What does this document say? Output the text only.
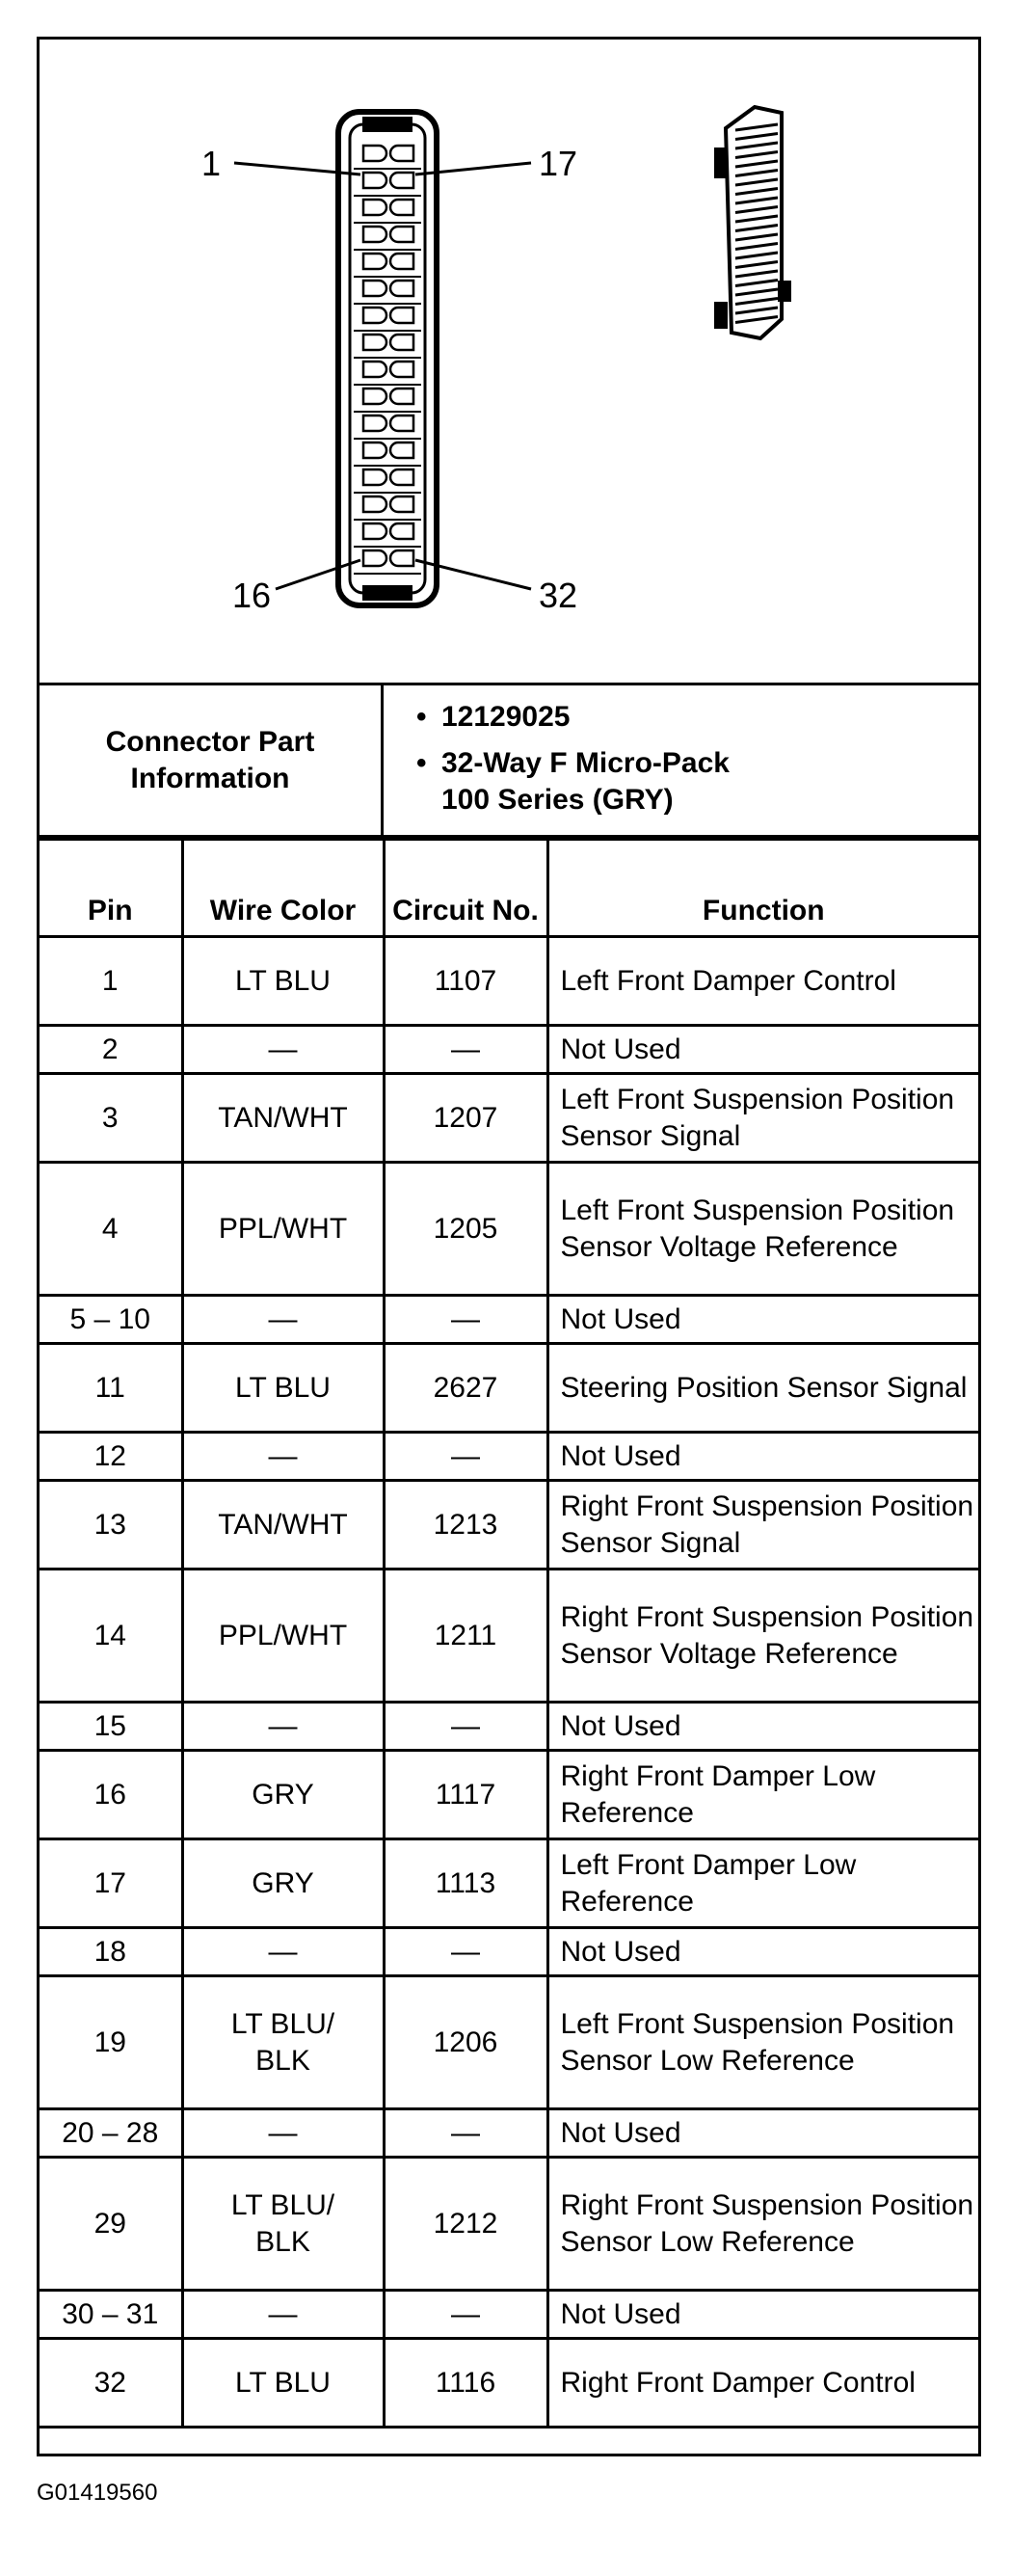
1	17
16	32
Connector Part Information
• 12129025
• 32-Way F Micro-Pack
100 Series (GRY)
Pin	Wire Color	Circuit No.	Function
1	LT BLU	1107	Left Front Damper Control
2	—	—	Not Used
3	TAN/WHT	1207	Left Front Suspension Position Sensor Signal
4	PPL/WHT	1205	Left Front Suspension Position Sensor Voltage Reference
5 – 10	—	—	Not Used
11	LT BLU	2627	Steering Position Sensor Signal
12	—	—	Not Used
13	TAN/WHT	1213	Right Front Suspension Position Sensor Signal
14	PPL/WHT	1211	Right Front Suspension Position Sensor Voltage Reference
15	—	—	Not Used
16	GRY	1117	Right Front Damper Low Reference
17	GRY	1113	Left Front Damper Low Reference
18	—	—	Not Used
19	LT BLU/ BLK	1206	Left Front Suspension Position Sensor Low Reference
20 – 28	—	—	Not Used
29	LT BLU/ BLK	1212	Right Front Suspension Position Sensor Low Reference
30 – 31	—	—	Not Used
32	LT BLU	1116	Right Front Damper Control
G01419560
